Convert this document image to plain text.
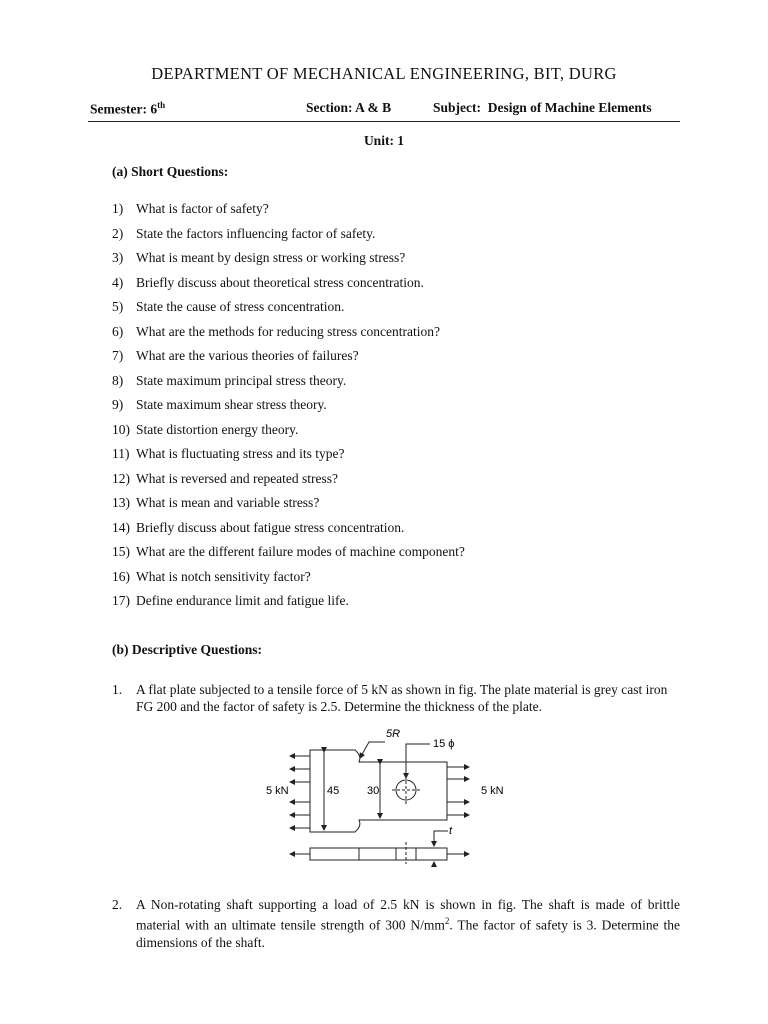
DEPARTMENT OF MECHANICAL ENGINEERING, BIT, DURG
Semester: 6th	Section: A & B	Subject:  Design of Machine Elements
Unit: 1
(a) Short Questions:
1) What is factor of safety?
2) State the factors influencing factor of safety.
3) What is meant by design stress or working stress?
4) Briefly discuss about theoretical stress concentration.
5) State the cause of stress concentration.
6) What are the methods for reducing stress concentration?
7) What are the various theories of failures?
8) State maximum principal stress theory.
9) State maximum shear stress theory.
10) State distortion energy theory.
11) What is fluctuating stress and its type?
12) What is reversed and repeated stress?
13) What is mean and variable stress?
14) Briefly discuss about fatigue stress concentration.
15) What are the different failure modes of machine component?
16) What is notch sensitivity factor?
17) Define endurance limit and fatigue life.
(b) Descriptive Questions:
1. A flat plate subjected to a tensile force of 5 kN as shown in fig. The plate material is grey cast iron FG 200 and the factor of safety is 2.5. Determine the thickness of the plate.
5R
15 ϕ
5 kN	5 kN
45	30
t
2. A Non-rotating shaft supporting a load of 2.5 kN is shown in fig. The shaft is made of brittle material with an ultimate tensile strength of 300 $N/mm^2$. The factor of safety is 3. Determine the dimensions of the shaft.
